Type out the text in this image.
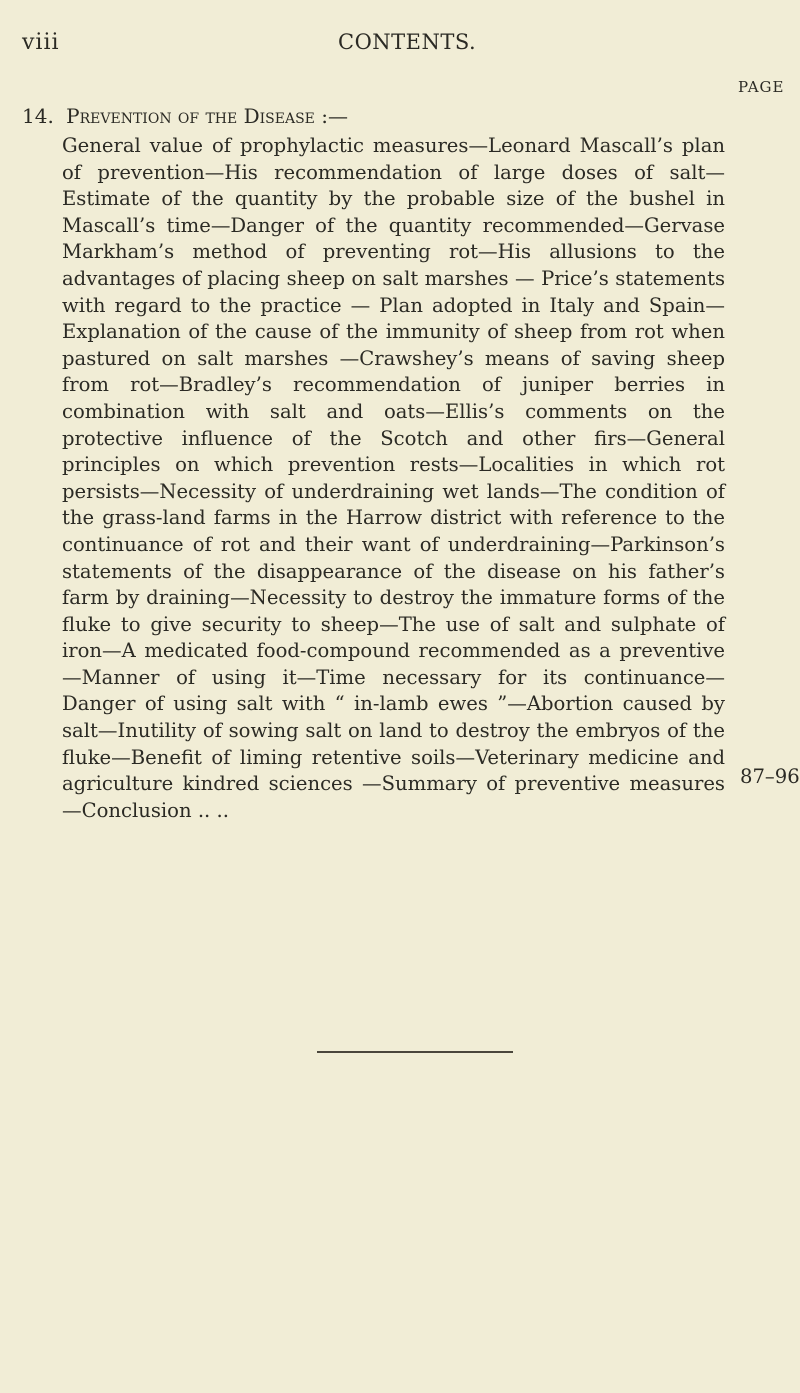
viii	CONTENTS.
PAGE
14. Prevention of the Disease :—
General value of prophylactic measures—Leonard Mascall’s plan of prevention—His recommendation of large doses of salt—Estimate of the quantity by the probable size of the bushel in Mascall’s time—Danger of the quantity recommended—Gervase Markham’s method of preventing rot—His allusions to the advantages of placing sheep on salt marshes — Price’s statements with regard to the practice — Plan adopted in Italy and Spain—Explanation of the cause of the immunity of sheep from rot when pastured on salt marshes —Crawshey’s means of saving sheep from rot—Bradley’s recommendation of juniper berries in combination with salt and oats—Ellis’s comments on the protective influence of the Scotch and other firs—General principles on which prevention rests—Localities in which rot persists—Necessity of underdraining wet lands—The condition of the grass-land farms in the Harrow district with reference to the continuance of rot and their want of underdraining—Parkinson’s statements of the disappearance of the disease on his father’s farm by draining—Necessity to destroy the immature forms of the fluke to give security to sheep—The use of salt and sulphate of iron—A medicated food-compound recommended as a preventive—Manner of using it—Time necessary for its continuance—Danger of using salt with “ in-lamb ewes ”—Abortion caused by salt—Inutility of sowing salt on land to destroy the embryos of the fluke—Benefit of liming retentive soils—Veterinary medicine and agriculture kindred sciences —Summary of preventive measures—Conclusion .. ..
87–96
